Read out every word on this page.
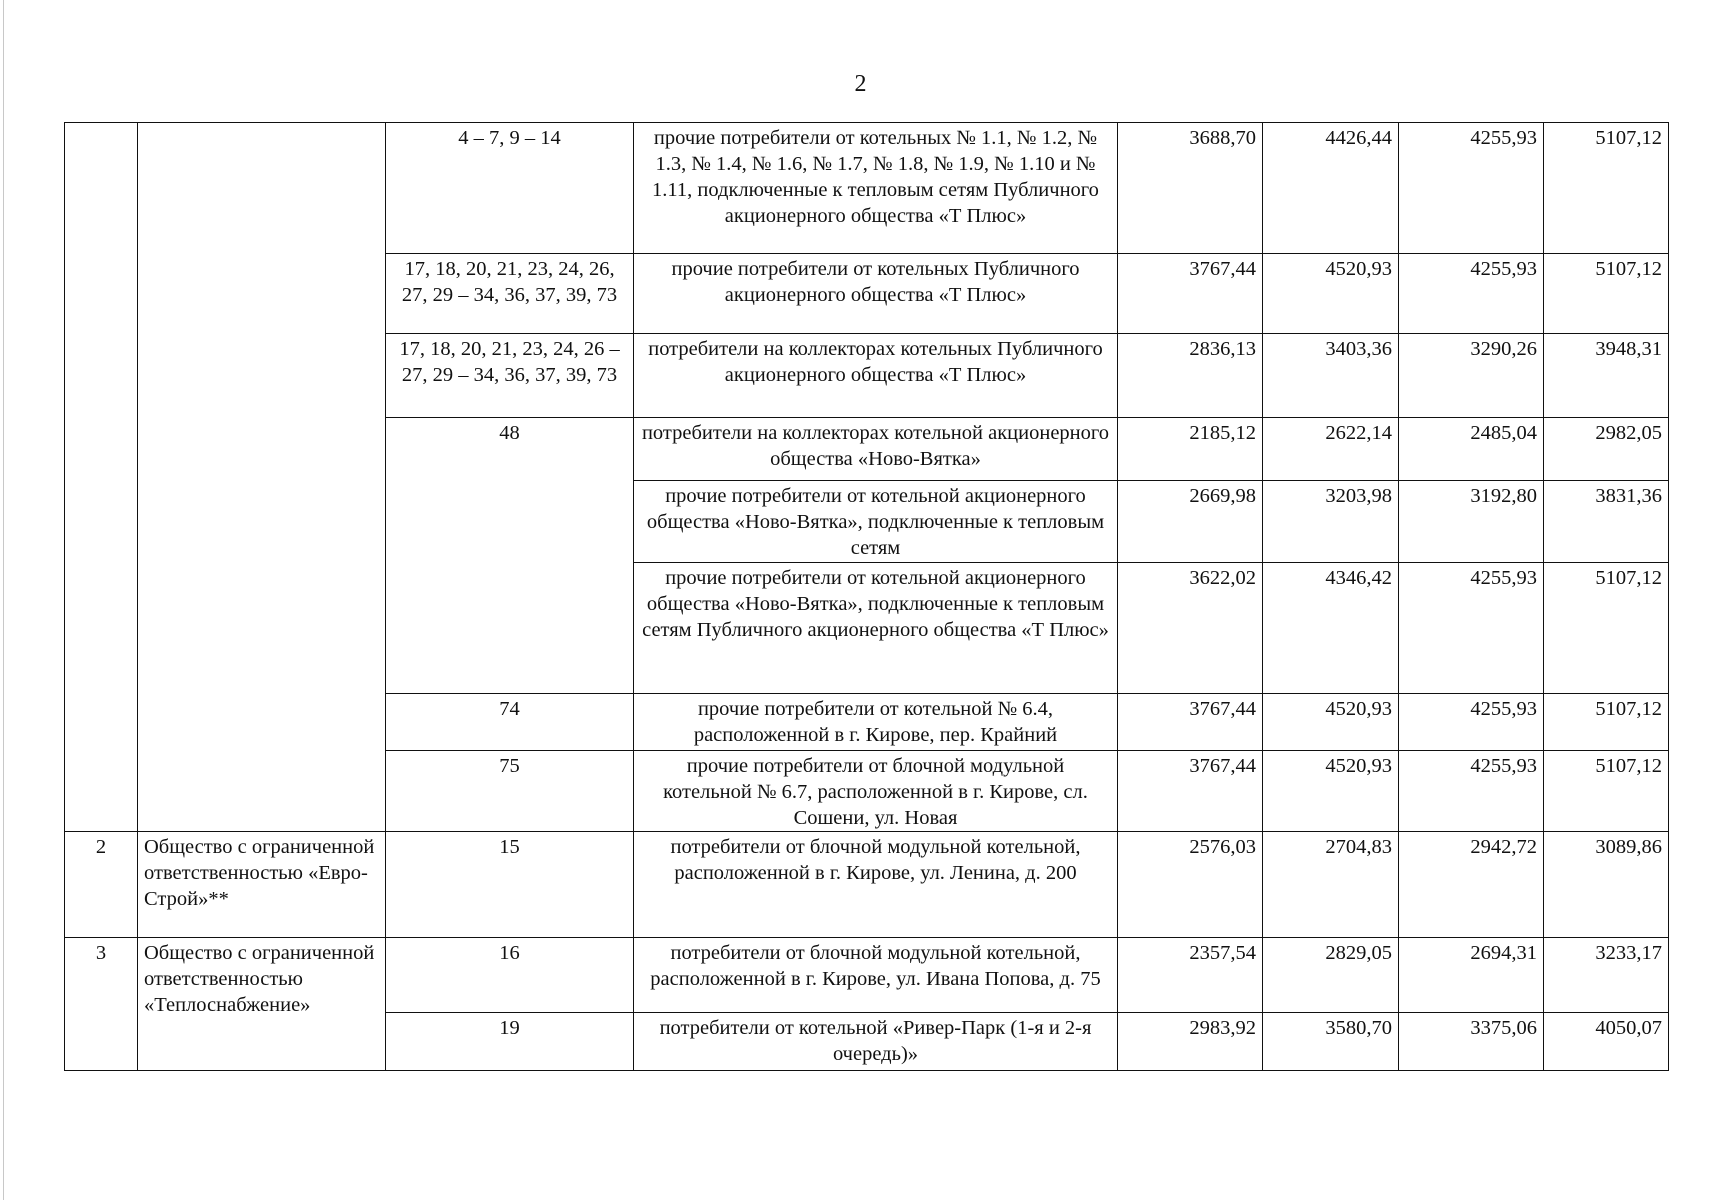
2
		4 – 7, 9 – 14	прочие потребители от котельных № 1.1, № 1.2, № 1.3, № 1.4, № 1.6, № 1.7, № 1.8, № 1.9, № 1.10 и № 1.11, подключенные к тепловым сетям Публичного акционерного общества «Т Плюс»	3688,70	4426,44	4255,93	5107,12
		17, 18, 20, 21, 23, 24, 26, 27, 29 – 34, 36, 37, 39, 73	прочие потребители от котельных Публичного акционерного общества «Т Плюс»	3767,44	4520,93	4255,93	5107,12
		17, 18, 20, 21, 23, 24, 26 – 27, 29 – 34, 36, 37, 39, 73	потребители на коллекторах котельных Публичного акционерного общества «Т Плюс»	2836,13	3403,36	3290,26	3948,31
		48	потребители на коллекторах котельной акционерного общества «Ново-Вятка»	2185,12	2622,14	2485,04	2982,05
			прочие потребители от котельной акционерного общества «Ново-Вятка», подключенные к тепловым сетям	2669,98	3203,98	3192,80	3831,36
			прочие потребители от котельной акционерного общества «Ново-Вятка», подключенные к тепловым сетям Публичного акционерного общества «Т Плюс»	3622,02	4346,42	4255,93	5107,12
		74	прочие потребители от котельной № 6.4, расположенной в г. Кирове, пер. Крайний	3767,44	4520,93	4255,93	5107,12
		75	прочие потребители от блочной модульной котельной № 6.7, расположенной в г. Кирове, сл. Сошени, ул. Новая	3767,44	4520,93	4255,93	5107,12
2	Общество с ограниченной ответственностью «Евро-Строй»**	15	потребители от блочной модульной котельной, расположенной в г. Кирове, ул. Ленина, д. 200	2576,03	2704,83	2942,72	3089,86
3	Общество с ограниченной ответственностью «Теплоснабжение»	16	потребители от блочной модульной котельной, расположенной в г. Кирове, ул. Ивана Попова, д. 75	2357,54	2829,05	2694,31	3233,17
		19	потребители от котельной «Ривер-Парк (1-я и 2-я очередь)»	2983,92	3580,70	3375,06	4050,07
